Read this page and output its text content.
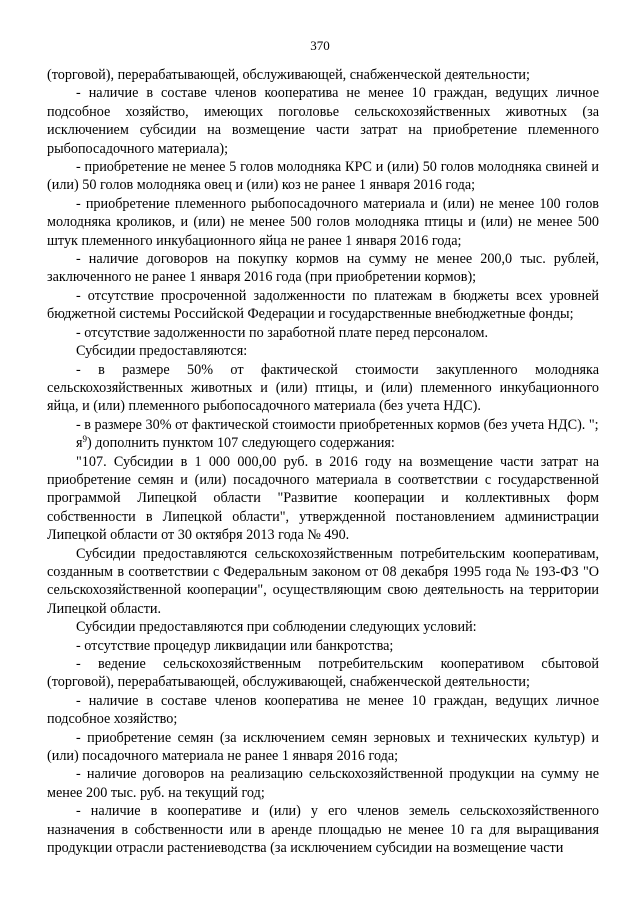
370

(торговой), перерабатывающей, обслуживающей, снабженческой деятельности;

- наличие в составе членов кооператива не менее 10 граждан, ведущих личное подсобное хозяйство, имеющих поголовье сельскохозяйственных животных (за исключением субсидии на возмещение части затрат на приобретение племенного рыбопосадочного материала);

- приобретение не менее 5 голов молодняка КРС и (или) 50 голов молодняка свиней и (или) 50 голов молодняка овец и (или) коз не ранее 1 января 2016 года;

- приобретение племенного рыбопосадочного материала и (или) не менее 100 голов молодняка кроликов, и (или) не менее 500 голов молодняка птицы и (или) не менее 500 штук племенного инкубационного яйца не ранее 1 января 2016 года;

- наличие договоров на покупку кормов на сумму не менее 200,0 тыс. рублей, заключенного не ранее 1 января 2016 года (при приобретении кормов);

- отсутствие просроченной задолженности по платежам в бюджеты всех уровней бюджетной системы Российской Федерации и государственные внебюджетные фонды;

- отсутствие задолженности по заработной плате перед персоналом.

Субсидии предоставляются:

- в размере 50% от фактической стоимости закупленного молодняка сельскохозяйственных животных и (или) птицы, и (или) племенного инкубационного яйца, и (или) племенного рыбопосадочного материала (без учета НДС).

- в размере 30% от фактической стоимости приобретенных кормов (без учета НДС). ";

$я^9$) дополнить пунктом 107 следующего содержания:

"107. Субсидии в 1 000 000,00 руб. в 2016 году на возмещение части затрат на приобретение семян и (или) посадочного материала в соответствии с государственной программой Липецкой области "Развитие кооперации и коллективных форм собственности в Липецкой области", утвержденной постановлением администрации Липецкой области от 30 октября 2013 года № 490.

Субсидии предоставляются сельскохозяйственным потребительским кооперативам, созданным в соответствии с Федеральным законом от 08 декабря 1995 года № 193-ФЗ "О сельскохозяйственной кооперации", осуществляющим свою деятельность на территории Липецкой области.

Субсидии предоставляются при соблюдении следующих условий:

- отсутствие процедур ликвидации или банкротства;

- ведение сельскохозяйственным потребительским кооперативом сбытовой (торговой), перерабатывающей, обслуживающей, снабженческой деятельности;

- наличие в составе членов кооператива не менее 10 граждан, ведущих личное подсобное хозяйство;

- приобретение семян (за исключением семян зерновых и технических культур) и (или) посадочного материала не ранее 1 января 2016 года;

- наличие договоров на реализацию сельскохозяйственной продукции на сумму не менее 200 тыс. руб. на текущий год;

- наличие в кооперативе и (или) у его членов земель сельскохозяйственного назначения в собственности или в аренде площадью не менее 10 га для выращивания продукции отрасли растениеводства (за исключением субсидии на возмещение части
